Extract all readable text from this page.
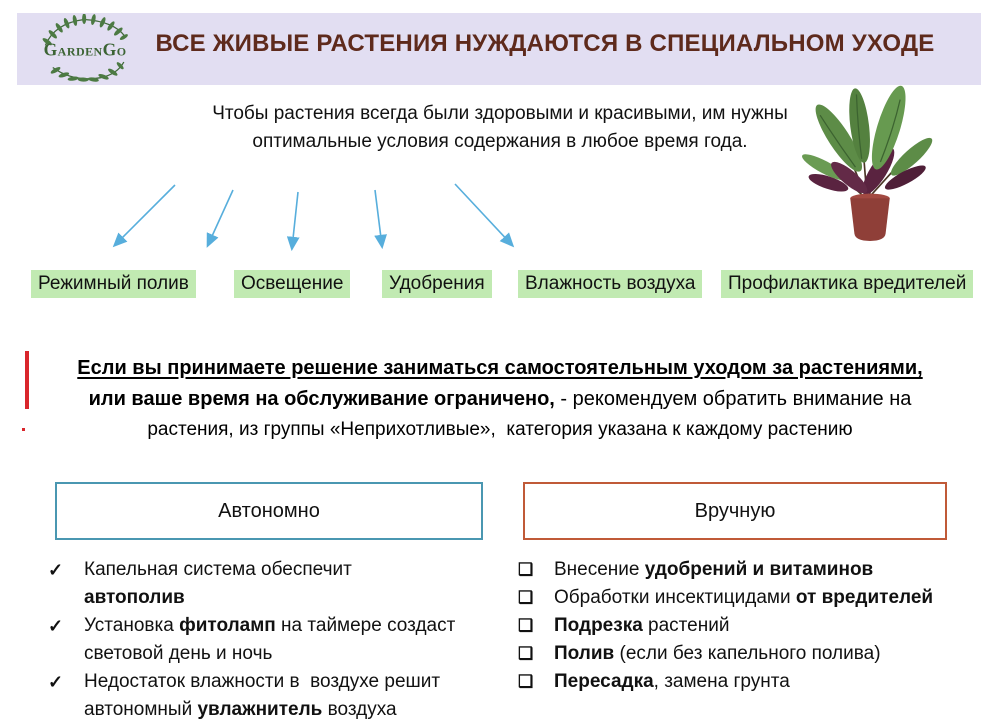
GardenGo	ВСЕ ЖИВЫЕ РАСТЕНИЯ НУЖДАЮТСЯ В СПЕЦИАЛЬНОМ УХОДЕ
Чтобы растения всегда были здоровыми и красивыми, им нужны
оптимальные условия содержания в любое время года.
Режимный полив	Освещение	Удобрения	Влажность воздуха	Профилактика вредителей
Если вы принимаете решение заниматься самостоятельным уходом за растениями,
или ваше время на обслуживание ограничено, - рекомендуем обратить внимание на
растения, из группы «Неприхотливые»,  категория указана к каждому растению
Автономно	Вручную
✓	Капельная система обеспечит автополив
✓	Установка фитоламп на таймере создаст световой день и ночь
✓	Недостаток влажности в  воздухе решит автономный увлажнитель воздуха
❑	Внесение удобрений и витаминов
❑	Обработки инсектицидами от вредителей
❑	Подрезка растений
❑	Полив (если без капельного полива)
❑	Пересадка, замена грунта
